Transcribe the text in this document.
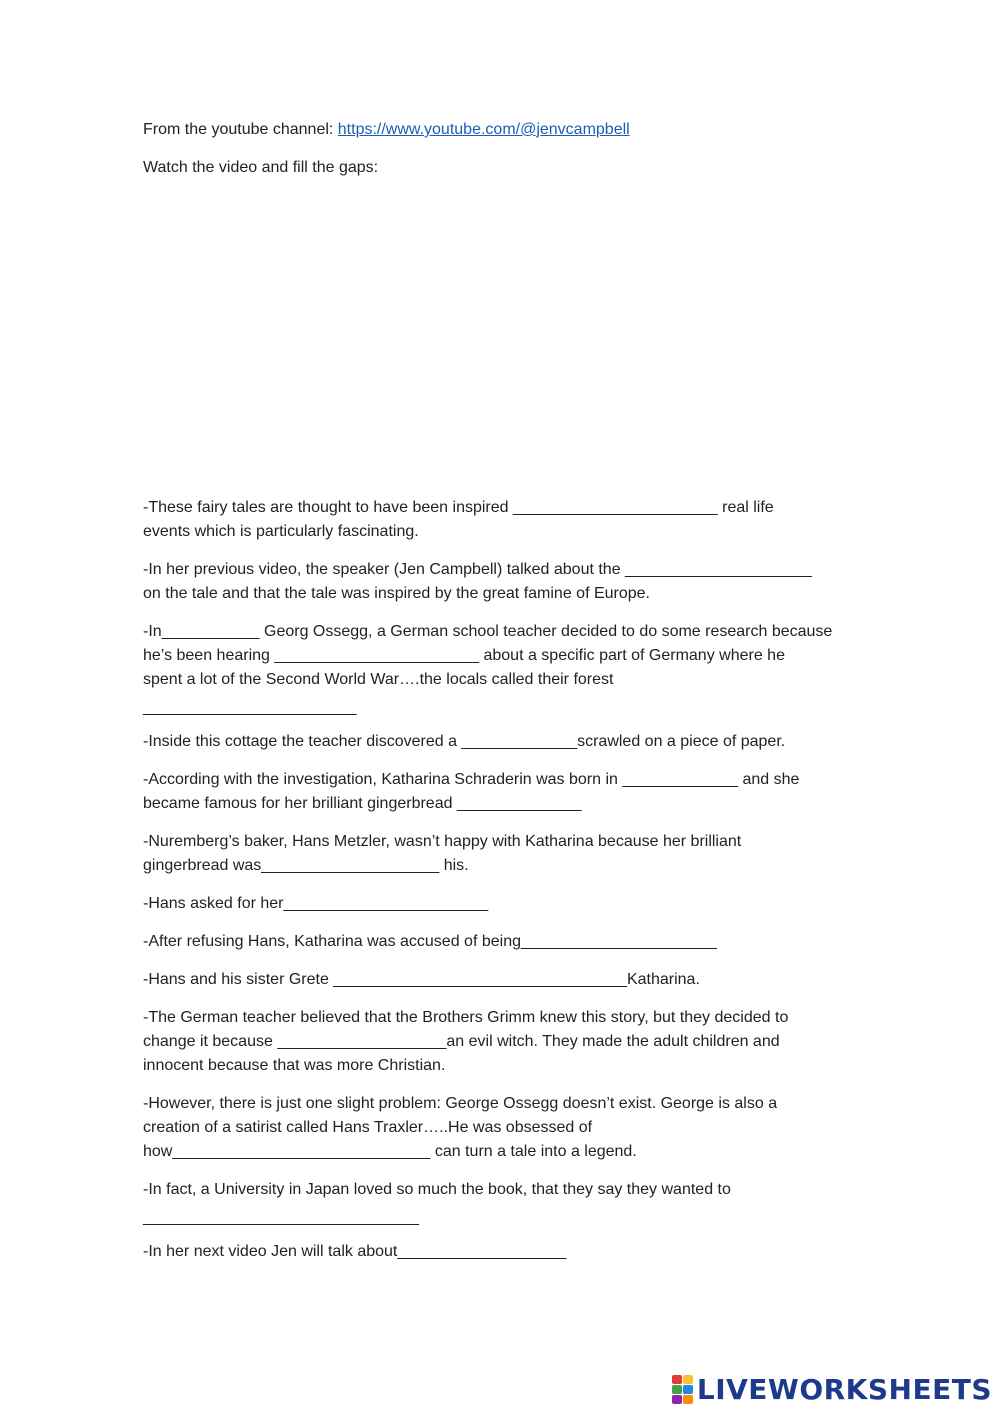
From the youtube channel: https://www.youtube.com/@jenvcampbell
Watch the video and fill the gaps:
-These fairy tales are thought to have been inspired _______________________ real life
events which is particularly fascinating.
-In her previous video, the speaker (Jen Campbell) talked about the _____________________
on the tale and that the tale was inspired by the great famine of Europe.
-In___________ Georg Ossegg, a German school teacher decided to do some research because
he’s been hearing _______________________ about a specific part of Germany where he
spent a lot of the Second World War….the locals called their forest
________________________
-Inside this cottage the teacher discovered a _____________scrawled on a piece of paper.
-According with the investigation, Katharina Schraderin was born in _____________ and she
became famous for her brilliant gingerbread ______________
-Nuremberg’s baker, Hans Metzler, wasn’t happy with Katharina because her brilliant
gingerbread was____________________ his.
-Hans asked for her_______________________
-After refusing Hans, Katharina was accused of being______________________
-Hans and his sister Grete _________________________________Katharina.
-The German teacher believed that the Brothers Grimm knew this story, but they decided to
change it because ___________________an evil witch. They made the adult children and
innocent because that was more Christian.
-However, there is just one slight problem: George Ossegg doesn’t exist. George is also a
creation of a satirist called Hans Traxler…..He was obsessed of
how_____________________________ can turn a tale into a legend.
-In fact, a University in Japan loved so much the book, that they say they wanted to
_______________________________
-In her next video Jen will talk about___________________
LIVEWORKSHEETS
